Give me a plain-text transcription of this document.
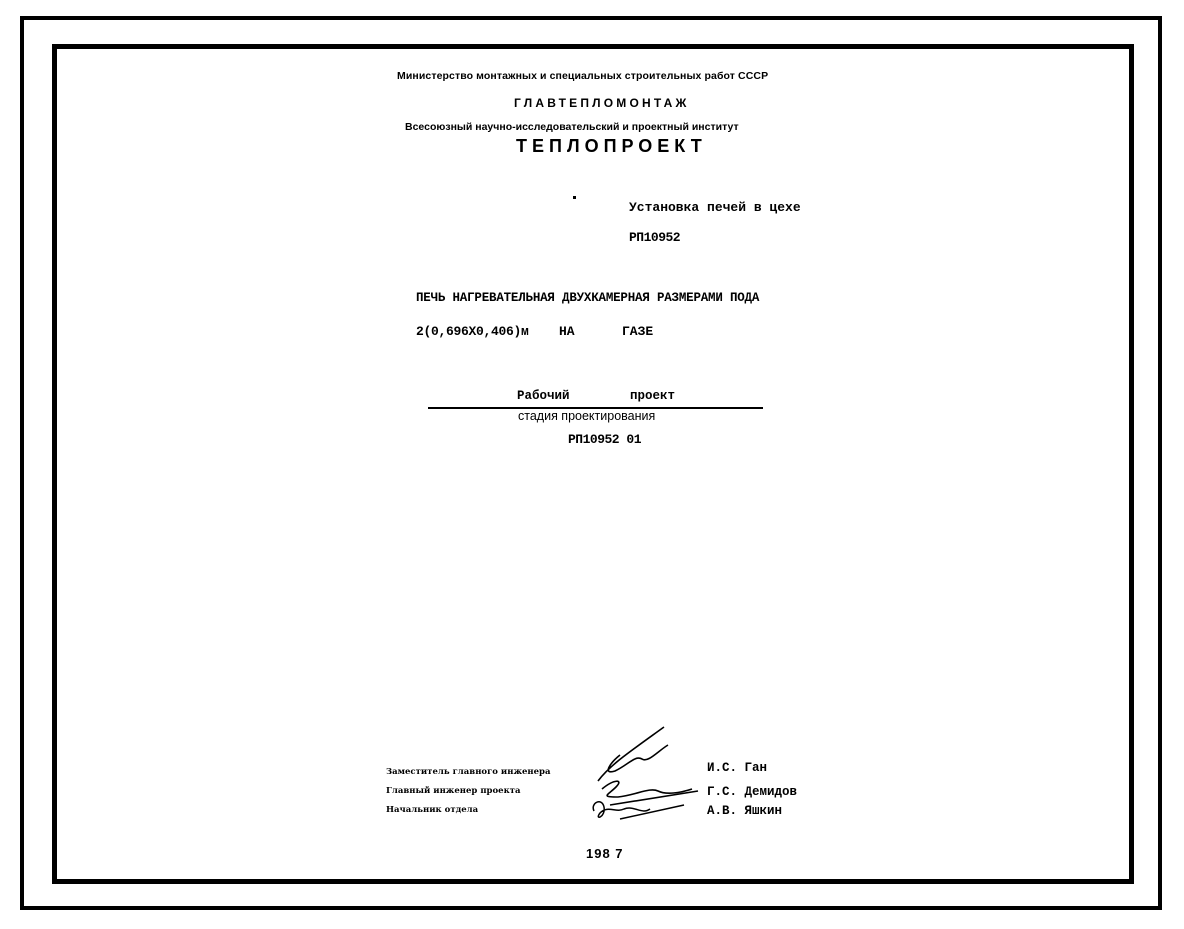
Министерство монтажных и специальных строительных работ СССР
ГЛАВТЕПЛОМОНТАЖ
Всесоюзный научно-исследовательский и проектный институт
ТЕПЛОПРОЕКТ
Установка печей в цехе
РП10952
ПЕЧЬ НАГРЕВАТЕЛЬНАЯ ДВУХКАМЕРНАЯ РАЗМЕРАМИ ПОДА
2(0,696Х0,406)м НА	ГАЗЕ
Рабочий	проект
стадия проектирования
РП10952 01
Заместитель главного инженера
Главный инженер проекта
Начальник отдела
И.С. Ган
Г.С. Демидов
А.В. Яшкин
198 7
